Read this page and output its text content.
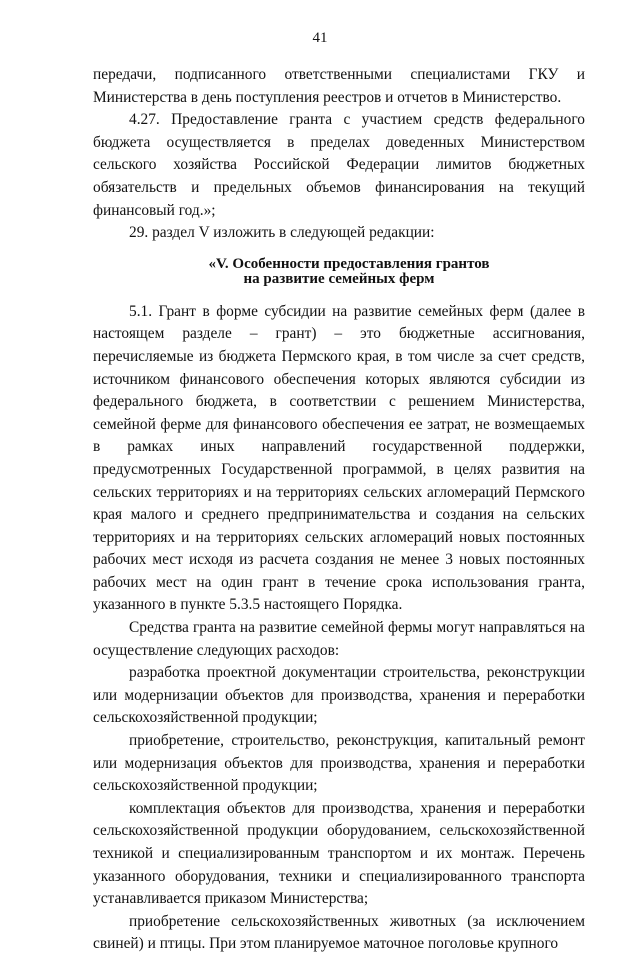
41

передачи, подписанного ответственными специалистами ГКУ и Министерства в день поступления реестров и отчетов в Министерство.

4.27. Предоставление гранта с участием средств федерального бюджета осуществляется в пределах доведенных Министерством сельского хозяйства Российской Федерации лимитов бюджетных обязательств и предельных объемов финансирования на текущий финансовый год.»;

29. раздел V изложить в следующей редакции:

«V. Особенности предоставления грантов
на развитие семейных ферм

5.1. Грант в форме субсидии на развитие семейных ферм (далее в настоящем разделе – грант) – это бюджетные ассигнования, перечисляемые из бюджета Пермского края, в том числе за счет средств, источником финансового обеспечения которых являются субсидии из федерального бюджета, в соответствии с решением Министерства, семейной ферме для финансового обеспечения ее затрат, не возмещаемых в рамках иных направлений государственной поддержки, предусмотренных Государственной программой, в целях развития на сельских территориях и на территориях сельских агломераций Пермского края малого и среднего предпринимательства и создания на сельских территориях и на территориях сельских агломераций новых постоянных рабочих мест исходя из расчета создания не менее 3 новых постоянных рабочих мест на один грант в течение срока использования гранта, указанного в пункте 5.3.5 настоящего Порядка.

Средства гранта на развитие семейной фермы могут направляться на осуществление следующих расходов:

разработка проектной документации строительства, реконструкции или модернизации объектов для производства, хранения и переработки сельскохозяйственной продукции;

приобретение, строительство, реконструкция, капитальный ремонт или модернизация объектов для производства, хранения и переработки сельскохозяйственной продукции;

комплектация объектов для производства, хранения и переработки сельскохозяйственной продукции оборудованием, сельскохозяйственной техникой и специализированным транспортом и их монтаж. Перечень указанного оборудования, техники и специализированного транспорта устанавливается приказом Министерства;

приобретение сельскохозяйственных животных (за исключением свиней) и птицы. При этом планируемое маточное поголовье крупного
